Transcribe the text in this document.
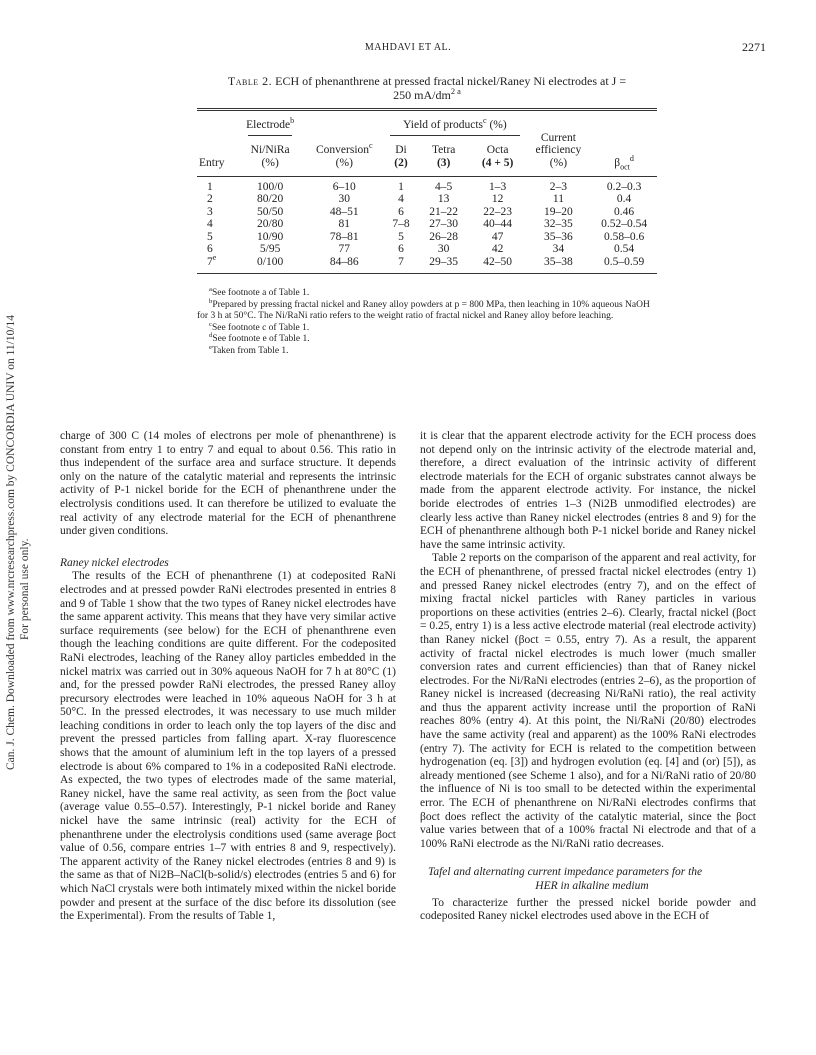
MAHDAVI ET AL.	2271
Can. J. Chem. Downloaded from www.nrcresearchpress.com by CONCORDIA UNIV on 11/10/14 For personal use only.
Table 2. ECH of phenanthrene at pressed fractal nickel/Raney Ni electrodes at J =
250 $mA/dm^{2 a}$
	Electrode$^b$		Yield of products$^c$ (%)				

			Current	
	Ni/NiRa	Conversion$^c$	Di	Tetra	Octa	efficiency	
Entry	(%)	(%)	(2)	(3)	(4 + 5)	(%)	$\beta_{oct}^d$

1	100/0	6–10	1	4–5	1–3	2–3	0.2–0.3
2	80/20	30	4	13	12	11	0.4
3	50/50	48–51	6	21–22	22–23	19–20	0.46
4	20/80	81	7–8	27–30	40–44	32–35	0.52–0.54
5	10/90	78–81	5	26–28	47	35–36	0.58–0.6
6	5/95	77	6	30	42	34	0.54
7e	0/100	84–86	7	29–35	42–50	35–38	0.5–0.59

$^a$See footnote a of Table 1.

$^b$Prepared by pressing fractal nickel and Raney alloy powders at p = 800 MPa, then leaching in 10% aqueous NaOH for 3 h at 50°C. The Ni/RaNi ratio refers to the weight ratio of fractal nickel and Raney alloy before leaching.

$^c$See footnote c of Table 1.

$^d$See footnote e of Table 1.

$^e$Taken from Table 1.

charge of 300 C (14 moles of electrons per mole of phenanthrene) is constant from entry 1 to entry 7 and equal to about 0.56. This ratio in thus independent of the surface area and surface structure. It depends only on the nature of the catalytic material and represents the intrinsic activity of P-1 nickel boride for the ECH of phenanthrene under the electrolysis conditions used. It can therefore be utilized to evaluate the real activity of any electrode material for the ECH of phenanthrene under given conditions.

Raney nickel electrodes

The results of the ECH of phenanthrene (1) at codeposited RaNi electrodes and at pressed powder RaNi electrodes presented in entries 8 and 9 of Table 1 show that the two types of Raney nickel electrodes have the same apparent activity. This means that they have very similar active surface requirements (see below) for the ECH of phenanthrene even though the leaching conditions are quite different. For the codeposited RaNi electrodes, leaching of the Raney alloy particles embedded in the nickel matrix was carried out in 30% aqueous NaOH for 7 h at 80°C (1) and, for the pressed powder RaNi electrodes, the pressed Raney alloy precursory electrodes were leached in 10% aqueous NaOH for 3 h at 50°C. In the pressed electrodes, it was necessary to use much milder leaching conditions in order to leach only the top layers of the disc and prevent the pressed particles from falling apart. X-ray fluorescence shows that the amount of aluminium left in the top layers of a pressed electrode is about 6% compared to 1% in a codeposited RaNi electrode. As expected, the two types of electrodes made of the same material, Raney nickel, have the same real activity, as seen from the βoct value (average value 0.55–0.57). Interestingly, P-1 nickel boride and Raney nickel have the same intrinsic (real) activity for the ECH of phenanthrene under the electrolysis conditions used (same average βoct value of 0.56, compare entries 1–7 with entries 8 and 9, respectively). The apparent activity of the Raney nickel electrodes (entries 8 and 9) is the same as that of Ni2B–NaCl(b-solid/s) electrodes (entries 5 and 6) for which NaCl crystals were both intimately mixed within the nickel boride powder and present at the surface of the disc before its dissolution (see the Experimental). From the results of Table 1,

it is clear that the apparent electrode activity for the ECH process does not depend only on the intrinsic activity of the electrode material and, therefore, a direct evaluation of the intrinsic activity of different electrode materials for the ECH of organic substrates cannot always be made from the apparent electrode activity. For instance, the nickel boride electrodes of entries 1–3 (Ni2B unmodified electrodes) are clearly less active than Raney nickel electrodes (entries 8 and 9) for the ECH of phenanthrene although both P-1 nickel boride and Raney nickel have the same intrinsic activity.

Table 2 reports on the comparison of the apparent and real activity, for the ECH of phenanthrene, of pressed fractal nickel electrodes (entry 1) and pressed Raney nickel electrodes (entry 7), and on the effect of mixing fractal nickel particles with Raney particles in various proportions on these activities (entries 2–6). Clearly, fractal nickel (βoct = 0.25, entry 1) is a less active electrode material (real electrode activity) than Raney nickel (βoct = 0.55, entry 7). As a result, the apparent activity of fractal nickel electrodes is much lower (much smaller conversion rates and current efficiencies) than that of Raney nickel electrodes. For the Ni/RaNi electrodes (entries 2–6), as the proportion of Raney nickel is increased (decreasing Ni/RaNi ratio), the real activity and thus the apparent activity increase until the proportion of RaNi reaches 80% (entry 4). At this point, the Ni/RaNi (20/80) electrodes have the same activity (real and apparent) as the 100% RaNi electrodes (entry 7). The activity for ECH is related to the competition between hydrogenation (eq. [3]) and hydrogen evolution (eq. [4] and (or) [5]), as already mentioned (see Scheme 1 also), and for a Ni/RaNi ratio of 20/80 the influence of Ni is too small to be detected within the experimental error. The ECH of phenanthrene on Ni/RaNi electrodes confirms that βoct does reflect the activity of the catalytic material, since the βoct value varies between that of a 100% fractal Ni electrode and that of a 100% RaNi electrode as the Ni/RaNi ratio decreases.

Tafel and alternating current impedance parameters for the
HER in alkaline medium

To characterize further the pressed nickel boride powder and codeposited Raney nickel electrodes used above in the ECH of
